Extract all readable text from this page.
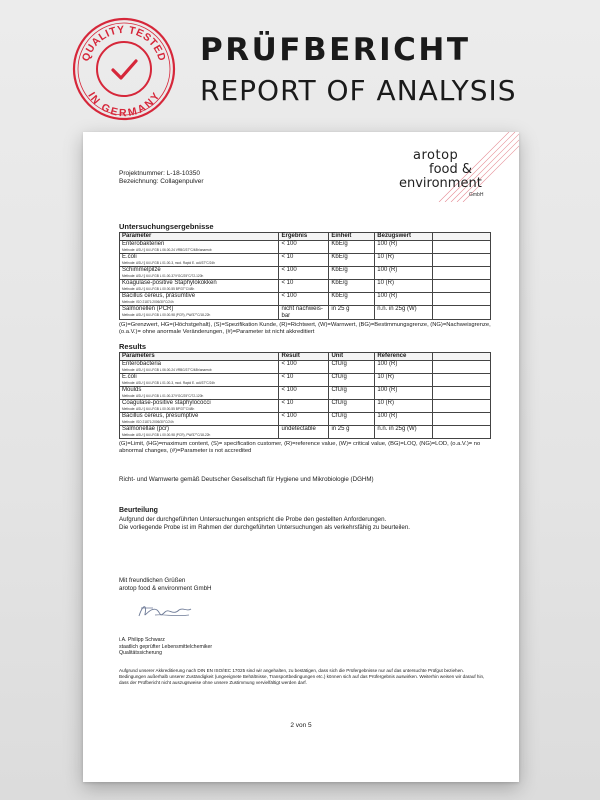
QUALITY TESTED
IN GERMANY
PRÜFBERICHT
REPORT OF ANALYSIS
arotop
food &
environment
GmbH
Projektnummer: L-18-10350
Bezeichnung: Collagenpulver
Untersuchungsergebnisse
Parameter	Ergebnis	Einheit	Bezugswert	
Enterobakterien
Methode: ASU § 64 LFGB L 06.00-24 VRBG/37°C/48h/anaerob	< 100	KbE/g	100 (R)	
E.coli
Methode: ASU § 64 LFGB L 01.00-3, mod. Rapid E. coli/37°C/24h	< 10	KbE/g	10 (R)	
Schimmelpilze
Methode: ASU § 64 LFGB L 01.00-37/YGC/25°C/72-120h	< 100	KbE/g	100 (R)	
Koagulase-positive Staphylokokken
Methode: ASU § 64 LFGB L 00.00-55 BP/37°C/48h	< 10	KbE/g	10 (R)	
Bacillus cereus, präsumtive
Methode: ISO 21871:2006/30°C/24h	< 100	KbE/g	100 (R)	
Salmonellen (PCR)
Methode: ASU § 64 LFGB L 00.00-98 (PCR), PW/37°C/18-22h	nicht nachweis-bar	in 25 g	n.n. in 25g (W)	
(G)=Grenzwert, HG=(Höchstgehalt), (S)=Spezifikation Kunde, (R)=Richtwert, (W)=Warnwert, (BG)=Bestimmungsgrenze, (NG)=Nachweisgrenze, (o.a.V.)= ohne anormale Veränderungen, (#)=Parameter ist nicht akkreditiert
Results
Parameters	Result	Unit	Reference	
Enterobacteria
Methode: ASU § 64 LFGB L 06.00-24 VRBG/37°C/48h/anaerob	< 100	CfU/g	100 (R)	
E.coli
Methode: ASU § 64 LFGB L 01.00-3, mod. Rapid E. coli/37°C/24h	< 10	CfU/g	10 (R)	
Moulds
Methode: ASU § 64 LFGB L 01.00-37/YGC/25°C/72-120h	< 100	CfU/g	100 (R)	
Coagulase-positive staphylococci
Methode: ASU § 64 LFGB L 00.00-55 BP/37°C/48h	< 10	CfU/g	10 (R)	
Bacillus cereus, presumptive
Methode: ISO 21871:2006/30°C/24h	< 100	CfU/g	100 (R)	
Salmonellae (pcr)
Methode: ASU § 64 LFGB L 00.00-98 (PCR), PW/37°C/18-22h	undetectable	in 25 g	n.n. in 25g (W)	
(G)=Limit, (HG)=maximum content, (S)= specification customer, (R)=reference value, (W)= critical value, (BG)=LOQ, (NG)=LOD, (o.a.V.)= no abnormal changes, (#)=Parameter is not accredited
Richt- und Warnwerte gemäß Deutscher Gesellschaft für Hygiene und Mikrobiologie (DGHM)
Beurteilung
Aufgrund der durchgeführten Untersuchungen entspricht die Probe den gestellten Anforderungen.
Die vorliegende Probe ist im Rahmen der durchgeführten Untersuchungen als verkehrsfähig zu beurteilen.
Mit freundlichen Grüßen
arotop food & environment GmbH
i.A. Philipp Schwarz
staatlich geprüfter Lebensmittelchemiker
Qualitätssicherung
Aufgrund unserer Akkreditierung nach DIN EN ISO/IEC 17025 sind wir angehalten, zu bestätigen, dass sich die Prüfergebnisse nur auf das untersuchte Prüfgut beziehen. Bedingungen außerhalb unserer Zuständigkeit (ungeeignete Behältnisse, Transportbedingungen etc.) können sich auf das Prüfergebnis auswirken. Weiterhin weisen wir darauf hin, dass der Prüfbericht nicht auszugsweise ohne unsere Zustimmung vervielfältigt werden darf.
2 von 5
